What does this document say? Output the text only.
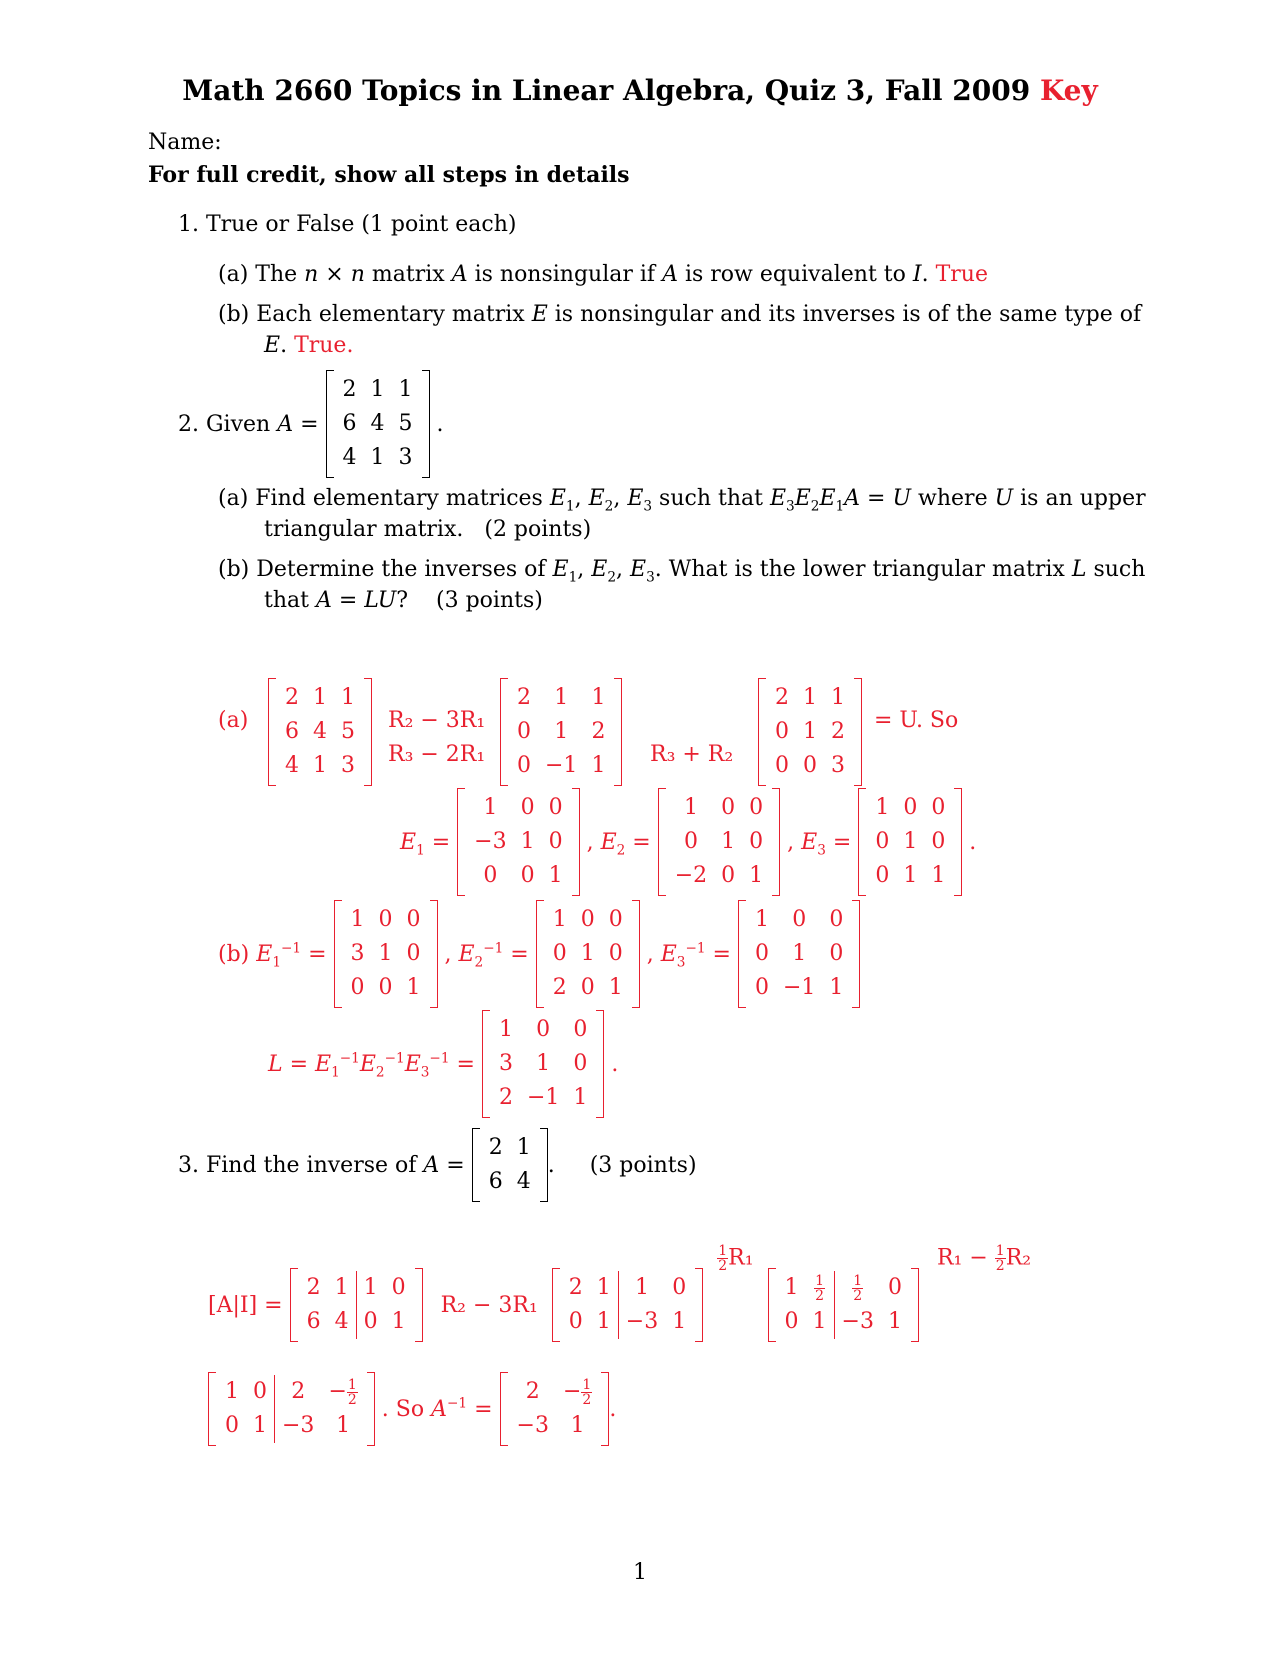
Math 2660 Topics in Linear Algebra, Quiz 3, Fall 2009 Key
Name:
For full credit, show all steps in details
1. True or False (1 point each)
(a) The n × n matrix A is nonsingular if A is row equivalent to I. True
(b) Each elementary matrix E is nonsingular and its inverses is of the same type of
E. True.
2. Given
A =
2	1	1
6	4	5
4	1	3
.
(a) Find elementary matrices $E_1$, $E_2$, $E_3$ such that $E_3E_2E_1A = U$ where U is an upper
triangular matrix. (2 points)
(b) Determine the inverses of $E_1$, $E_2$, $E_3$. What is the lower triangular matrix L such
that A = LU?    (3 points)
(a)
2	1	1
6	4	5
4	1	3
R₂ − 3R₁
R₃ − 2R₁
2	1	1
0	1	2
0	−1	1 R₃ + R₂
2	1	1
0	1	2
0	0	3
= U. So
$E_1$ =
1	0	0
−3	1	0
0	0	1
, $E_2$ =
1	0	0
0	1	0
−2	0	1
, $E_3$ =
1	0	0
0	1	0
0	1	1
.
(b)
$E_1^{-1}$ =
1	0	0
3	1	0
0	0	1
, $E_2^{-1}$ =
1	0	0
0	1	0
2	0	1
, $E_3^{-1}$ =
1	0	0
0	1	0
0	−1	1
$L = E_1^{-1}E_2^{-1}E_3^{-1}$ =
1	0	0
3	1	0
2	−1	1
.
3. Find the inverse of
A =
2	1
6	4
. (3 points)
[A|I] =

2	1	1	0
6	4	0	1
R₂ − 3R₁
2	1	1	0
0	1	−3	1
$\frac{1}{2} R_1$
1	$\frac{1}{2}$	$\frac{1}{2}$	0
0	1	−3	1
$R_1 - \frac{1}{2} R_2$
1	0	2	− $\frac{1}{2}$

0	1	−3	1
. So $A^{-1}$ =
2	− $\frac{1}{2}$

−3	1
.
1
